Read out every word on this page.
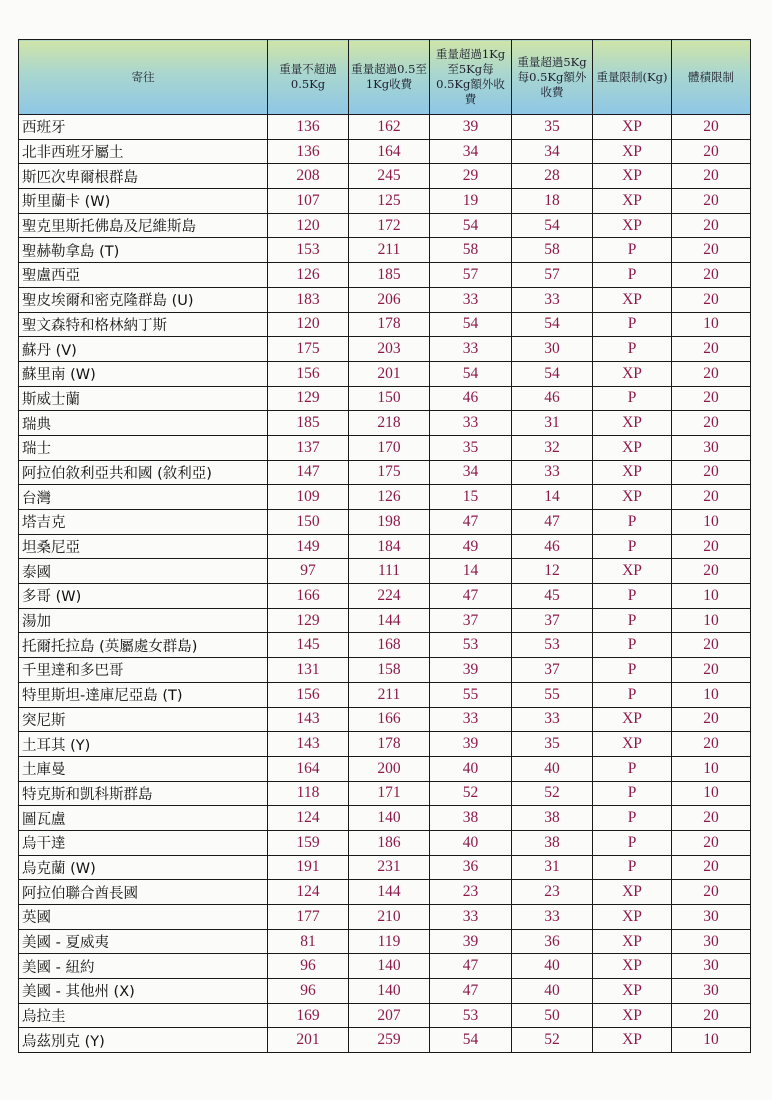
寄往	重量不超過0.5Kg	重量超過0.5至1Kg收費	重量超過1Kg至5Kg每0.5Kg額外收費	重量超過5Kg每0.5Kg額外收費	重量限制(Kg)	體積限制
西班牙	136	162	39	35	XP	20
北非西班牙屬土	136	164	34	34	XP	20
斯匹次卑爾根群島	208	245	29	28	XP	20
斯里蘭卡 (W)	107	125	19	18	XP	20
聖克里斯托佛島及尼維斯島	120	172	54	54	XP	20
聖赫勒拿島 (T)	153	211	58	58	P	20
聖盧西亞	126	185	57	57	P	20
聖皮埃爾和密克隆群島 (U)	183	206	33	33	XP	20
聖文森特和格林納丁斯	120	178	54	54	P	10
蘇丹 (V)	175	203	33	30	P	20
蘇里南 (W)	156	201	54	54	XP	20
斯威士蘭	129	150	46	46	P	20
瑞典	185	218	33	31	XP	20
瑞士	137	170	35	32	XP	30
阿拉伯敘利亞共和國 (敘利亞)	147	175	34	33	XP	20
台灣	109	126	15	14	XP	20
塔吉克	150	198	47	47	P	10
坦桑尼亞	149	184	49	46	P	20
泰國	97	111	14	12	XP	20
多哥 (W)	166	224	47	45	P	10
湯加	129	144	37	37	P	10
托爾托拉島 (英屬處女群島)	145	168	53	53	P	20
千里達和多巴哥	131	158	39	37	P	20
特里斯坦-達庫尼亞島 (T)	156	211	55	55	P	10
突尼斯	143	166	33	33	XP	20
土耳其 (Y)	143	178	39	35	XP	20
土庫曼	164	200	40	40	P	10
特克斯和凱科斯群島	118	171	52	52	P	10
圖瓦盧	124	140	38	38	P	20
烏干達	159	186	40	38	P	20
烏克蘭 (W)	191	231	36	31	P	20
阿拉伯聯合酋長國	124	144	23	23	XP	20
英國	177	210	33	33	XP	30
美國 - 夏威夷	81	119	39	36	XP	30
美國 - 紐約	96	140	47	40	XP	30
美國 - 其他州 (X)	96	140	47	40	XP	30
烏拉圭	169	207	53	50	XP	20
烏茲別克 (Y)	201	259	54	52	XP	10
